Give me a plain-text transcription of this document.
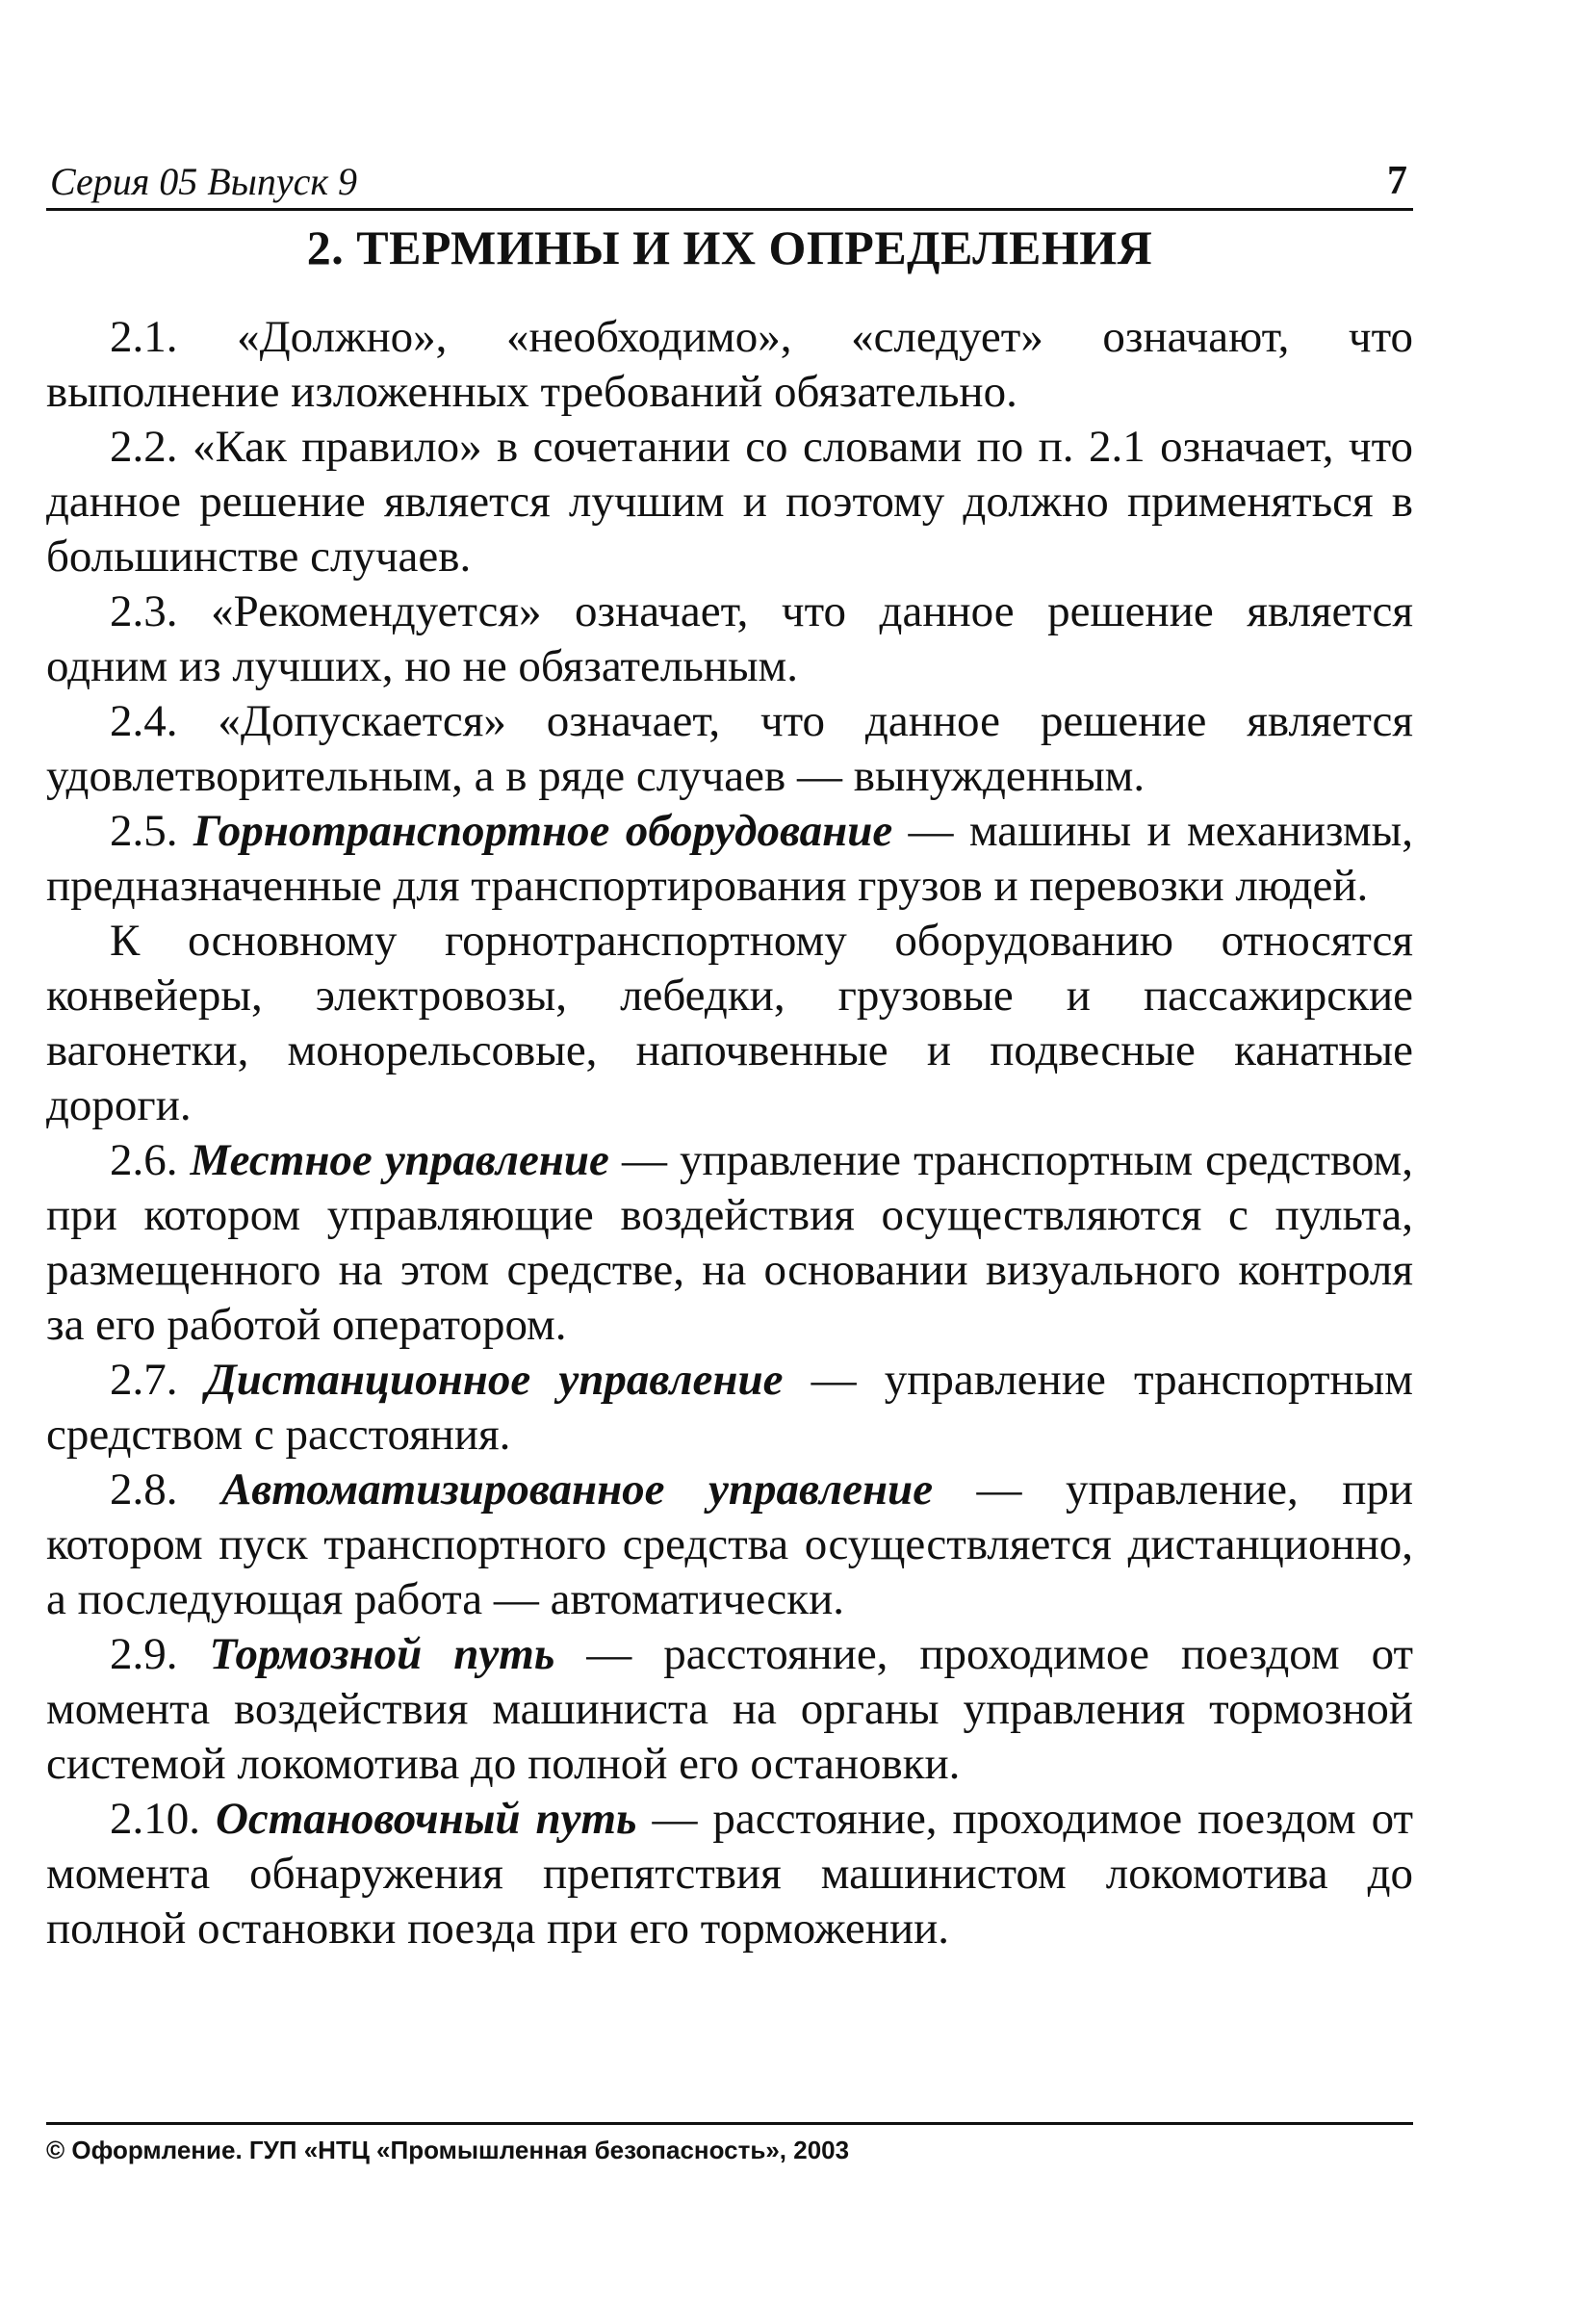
Серия 05 Выпуск 9	7
2. ТЕРМИНЫ И ИХ ОПРЕДЕЛЕНИЯ

2.1. «Должно», «необходимо», «следует» означают, что выполнение изложенных требований обязательно.

2.2. «Как правило» в сочетании со словами по п. 2.1 означает, что данное решение является лучшим и поэтому должно применяться в большинстве случаев.

2.3. «Рекомендуется» означает, что данное решение является одним из лучших, но не обязательным.

2.4. «Допускается» означает, что данное решение является удовлетворительным, а в ряде случаев — вынужденным.

2.5. Горнотранспортное оборудование — машины и механизмы, предназначенные для транспортирования грузов и перевозки людей.

К основному горнотранспортному оборудованию относятся конвейеры, электровозы, лебедки, грузовые и пассажирские вагонетки, монорельсовые, напочвенные и подвесные канатные дороги.

2.6. Местное управление — управление транспортным средством, при котором управляющие воздействия осуществляются с пульта, размещенного на этом средстве, на основании визуального контроля за его работой оператором.

2.7. Дистанционное управление — управление транспортным средством с расстояния.

2.8. Автоматизированное управление — управление, при котором пуск транспортного средства осуществляется дистанционно, а последующая работа — автоматически.

2.9. Тормозной путь — расстояние, проходимое поездом от момента воздействия машиниста на органы управления тормозной системой локомотива до полной его остановки.

2.10. Остановочный путь — расстояние, проходимое поездом от момента обнаружения препятствия машинистом локомотива до полной остановки поезда при его торможении.

© Оформление. ГУП «НТЦ «Промышленная безопасность», 2003
